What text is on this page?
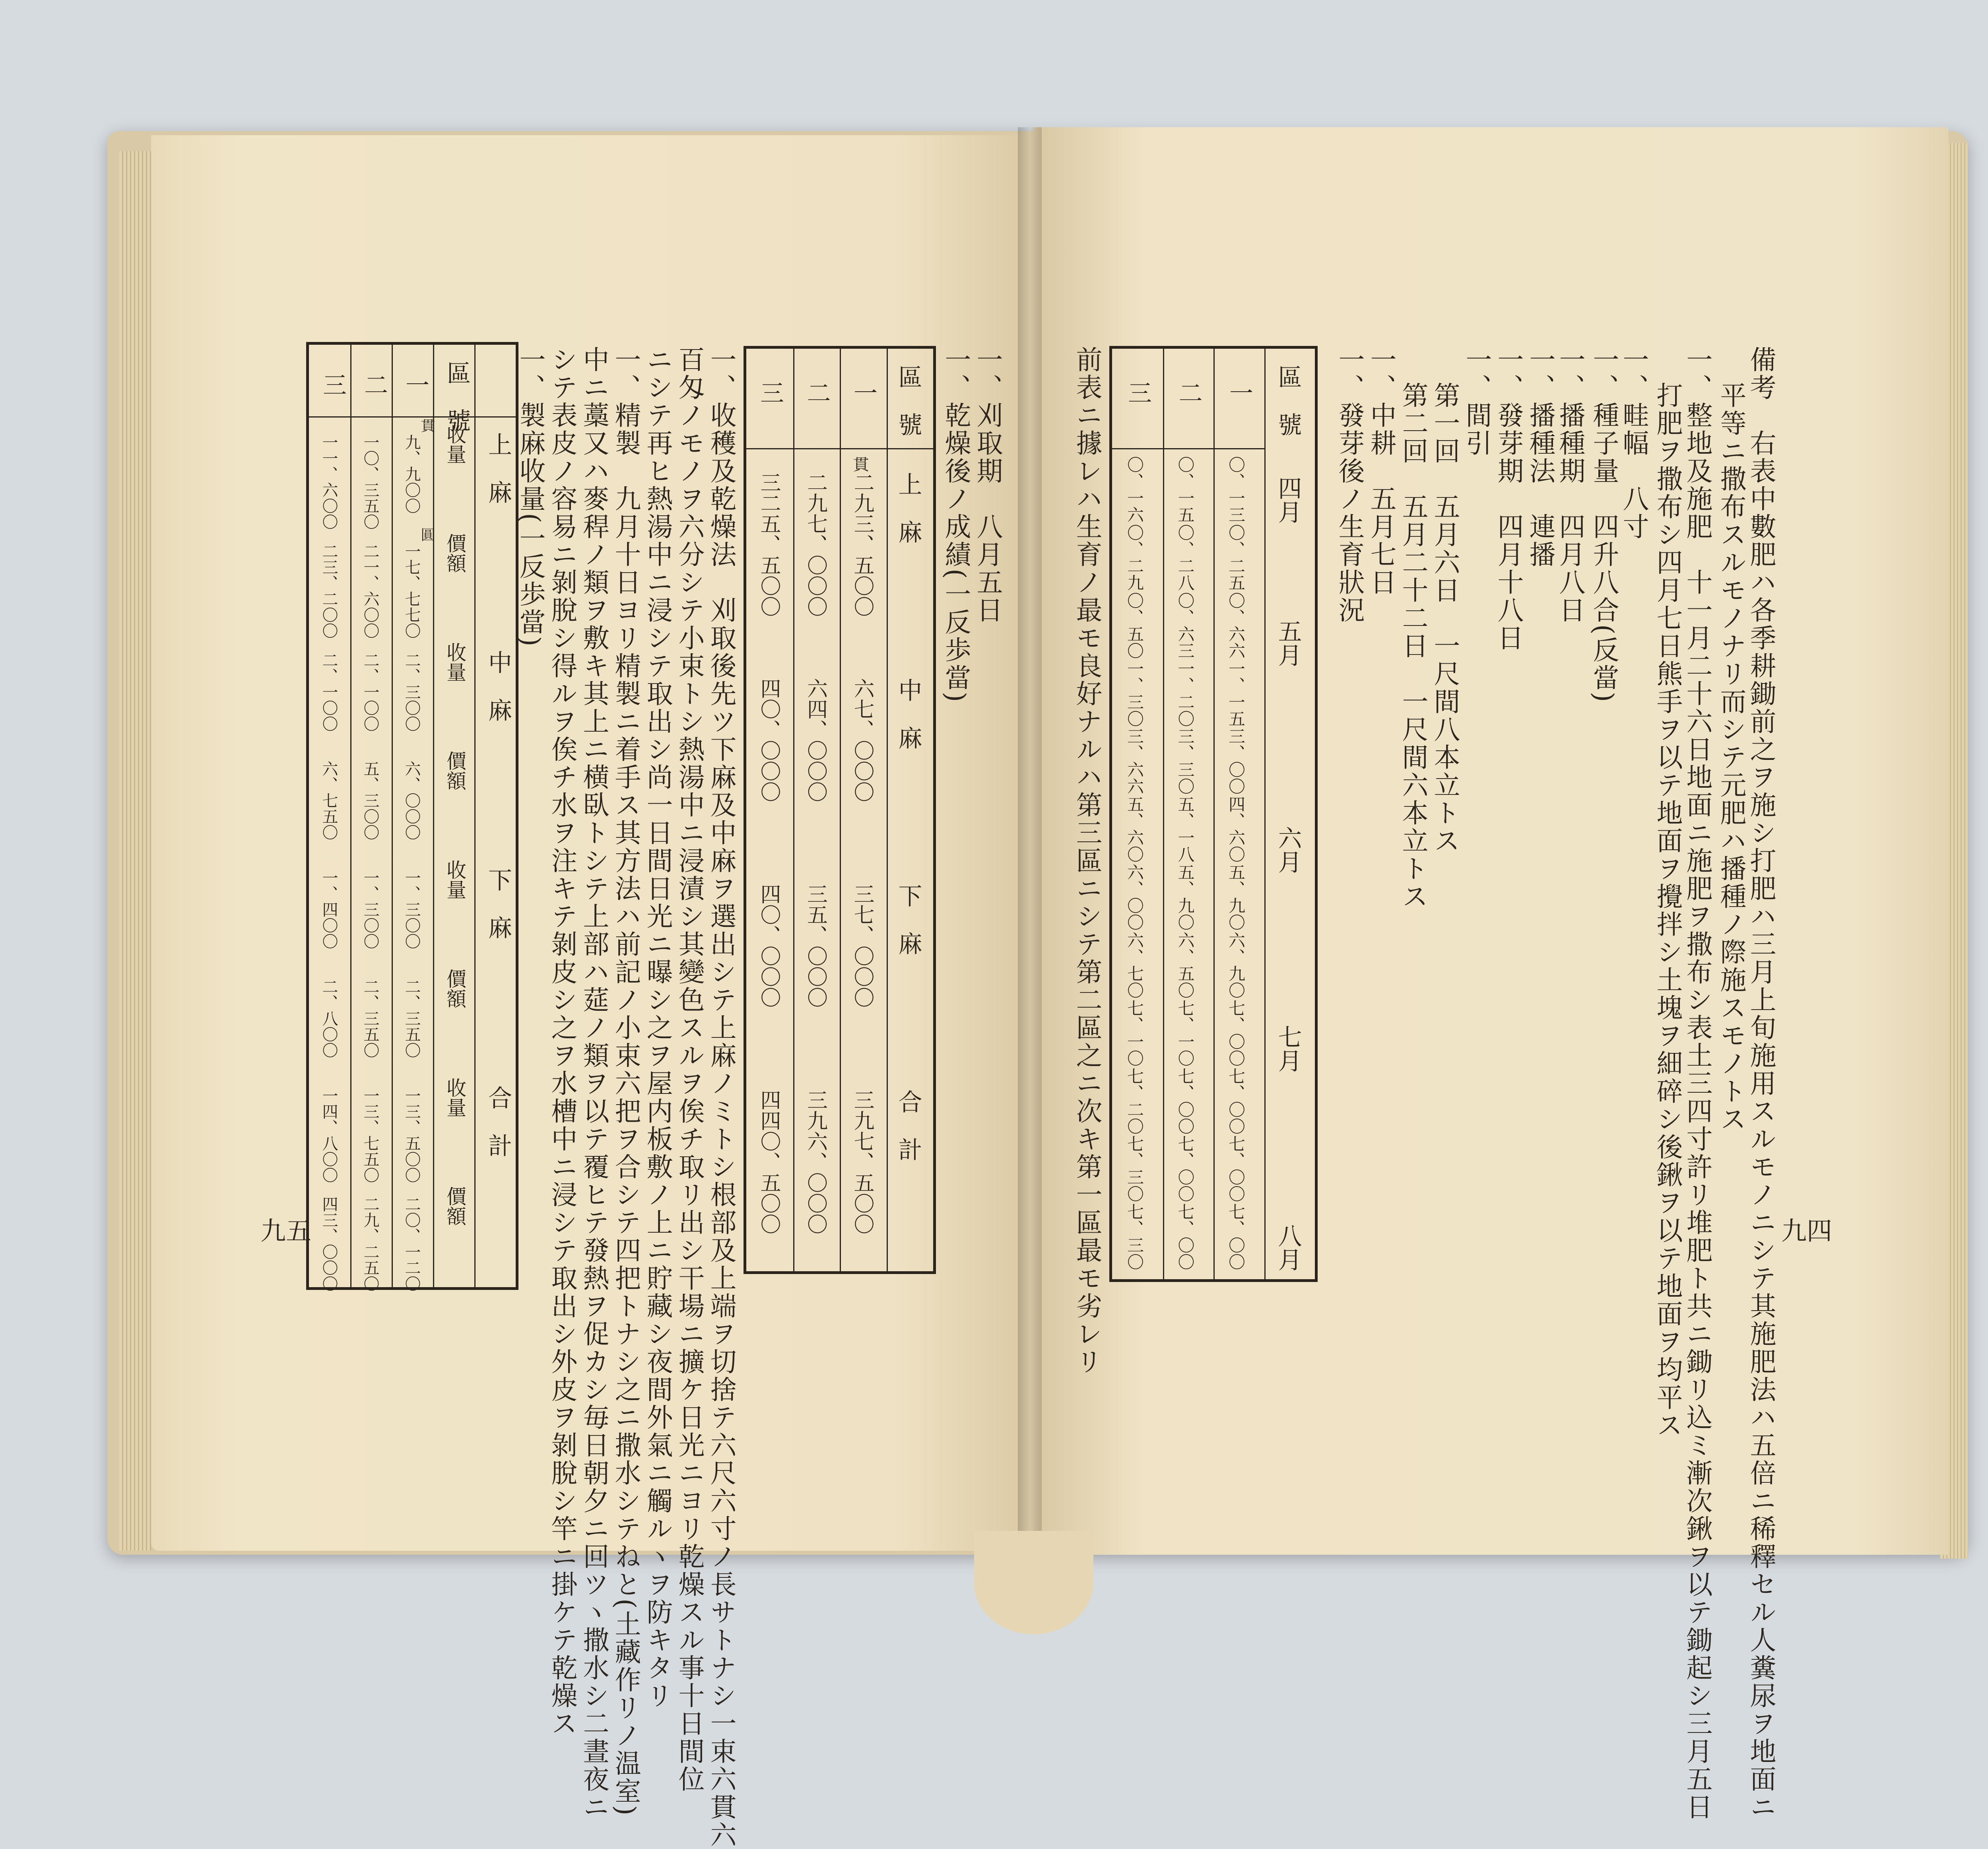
備考　右表中數肥ハ各季耕鋤前之ヲ施シ打肥ハ三月上旬施用スルモノニシテ其施肥法ハ五倍ニ稀釋セル人糞尿ヲ地面ニ
平等ニ撒布スルモノナリ而シテ元肥ハ播種ノ際施スモノトス
一、整地及施肥　十一月二十六日地面ニ施肥ヲ撒布シ表土三四寸許リ堆肥ト共ニ鋤リ込ミ漸次鍬ヲ以テ鋤起シ三月五日
打肥ヲ撒布シ四月七日熊手ヲ以テ地面ヲ攪拌シ土塊ヲ細碎シ後鍬ヲ以テ地面ヲ均平ス
一、畦幅　八寸
一、種子量　四升八合(反當)
一、播種期　四月八日
一、播種法　連播
一、發芽期　四月十八日
一、間引
第一回　五月六日　一尺間八本立トス
第二回　五月二十二日　一尺間六本立トス
一、中耕　五月七日
一、發芽後ノ生育狀況
區　號
四月
五月
六月
七月
八月
一
〇、一三
〇、二五
〇、六六
一、一五
三、〇〇
四、六〇
五、九〇
六、九〇
七、〇〇
七、〇〇
七、〇〇
七、〇〇
二
〇、一五
〇、二八
〇、六三
一、二〇
三、三〇
五、一八
五、九〇
六、五〇
七、一〇
七、〇〇
七、〇〇
七、〇〇
三
〇、一六
〇、二九
〇、五〇
一、三〇
三、六六
五、六〇
六、〇〇
六、七〇
七、一〇
七、二〇
七、三〇
七、三〇
前表ニ據レハ生育ノ最モ良好ナルハ第三區ニシテ第二區之ニ次キ第一區最モ劣レリ	九四
一、刈取期　八月五日
一、乾燥後ノ成績(一反歩當)
一、收穫及乾燥法　刈取後先ツ下麻及中麻ヲ選出シテ上麻ノミトシ根部及上端ヲ切捨テ六尺六寸ノ長サトナシ一束六貫六
百匁ノモノヲ六分シテ小束トシ熱湯中ニ浸漬シ其變色スルヲ俟チ取リ出シ干場ニ擴ケ日光ニヨリ乾燥スル事十日間位
ニシテ再ヒ熱湯中ニ浸シテ取出シ尚一日間日光ニ曝シ之ヲ屋内板敷ノ上ニ貯藏シ夜間外氣ニ觸ルヽヲ防キタリ
一、精製　九月十日ヨリ精製ニ着手ス其方法ハ前記ノ小束六把ヲ合シテ四把トナシ之ニ撒水シテねと(土藏作リノ温室)
中ニ藁又ハ麥稈ノ類ヲ敷キ其上ニ横臥トシテ上部ハ莚ノ類ヲ以テ覆ヒテ發熱ヲ促カシ毎日朝夕ニ回ツヽ撒水シ二晝夜ニ
シテ表皮ノ容易ニ剝脫シ得ルヲ俟チ水ヲ注キテ剝皮シ之ヲ水槽中ニ浸シテ取出シ外皮ヲ剝脫シ竿ニ掛ケテ乾燥ス
一、製麻收量(一反歩當)	區　號
上　麻
中　麻
下　麻
合　計
貫
一
二九三、五〇〇
六七、〇〇〇
三七、〇〇〇
三九七、五〇〇
二
二九七、〇〇〇
六四、〇〇〇
三五、〇〇〇
三九六、〇〇〇
三
三二五、五〇〇
四〇、〇〇〇
四〇、〇〇〇
四四〇、五〇〇
區　號
上　麻
中　麻
下　麻
合　計
收量
價額
收量
價額
收量
價額
收量
價額
貫
圓
一
九、九〇〇
一七、七七〇
二、三〇〇
六、〇〇〇
一、三〇〇
二、三五〇
一三、五〇〇
二〇、一二〇
二
一〇、三五〇
二一、六〇〇
二、一〇〇
五、三〇〇
一、三〇〇
二、三五〇
一三、七五〇
二九、二五〇
三
一一、六〇〇
二三、二〇〇
二、一〇〇
六、七五〇
一、四〇〇
二、八〇〇
一四、八〇〇
四三、〇〇〇
九五
